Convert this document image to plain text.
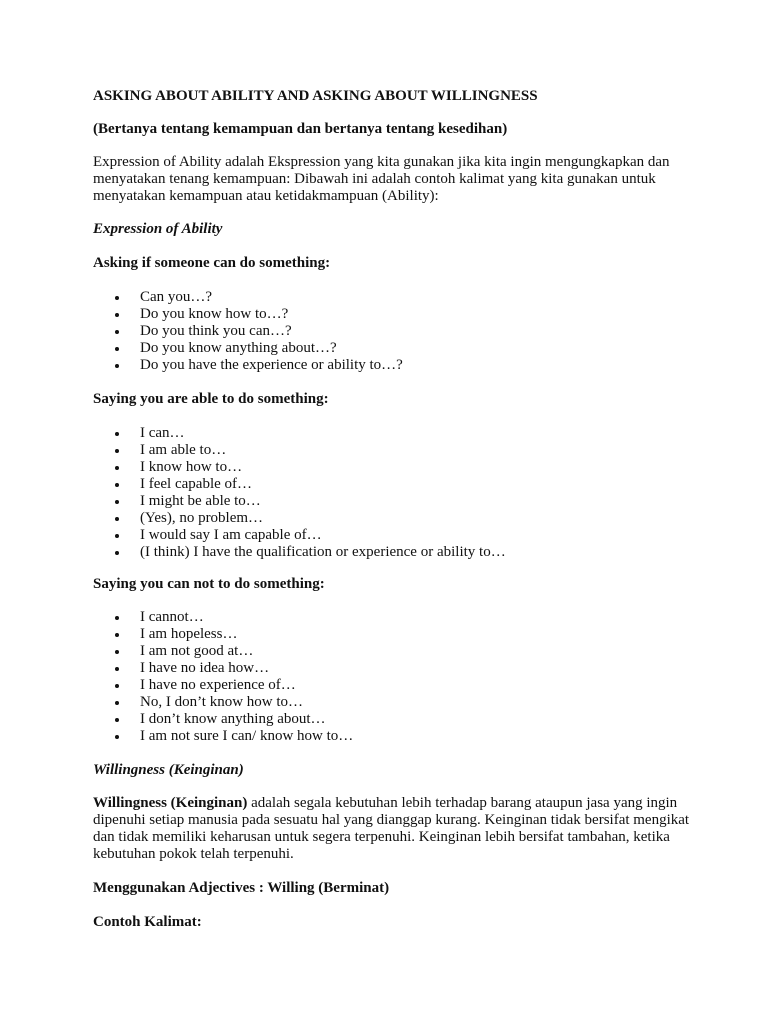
ASKING ABOUT ABILITY AND ASKING ABOUT WILLINGNESS

(Bertanya tentang kemampuan dan bertanya tentang kesedihan)

Expression of Ability adalah Ekspression yang kita gunakan jika kita ingin mengungkapkan dan menyatakan tenang kemampuan: Dibawah ini adalah contoh kalimat yang kita gunakan untuk menyatakan kemampuan atau ketidakmampuan (Ability):

Expression of Ability

Asking if someone can do something:

Can you…?
Do you know how to…?
Do you think you can…?
Do you know anything about…?
Do you have the experience or ability to…?

Saying you are able to do something:

I can…
I am able to…
I know how to…
I feel capable of…
I might be able to…
(Yes), no problem…
I would say I am capable of…
(I think) I have the qualification or experience or ability to…

Saying you can not to do something:

I cannot…
I am hopeless…
I am not good at…
I have no idea how…
I have no experience of…
No, I don’t know how to…
I don’t know anything about…
I am not sure I can/ know how to…

Willingness (Keinginan)

Willingness (Keinginan) adalah segala kebutuhan lebih terhadap barang ataupun jasa yang ingin dipenuhi setiap manusia pada sesuatu hal yang dianggap kurang. Keinginan tidak bersifat mengikat dan tidak memiliki keharusan untuk segera terpenuhi. Keinginan lebih bersifat tambahan, ketika kebutuhan pokok telah terpenuhi.

Menggunakan Adjectives : Willing (Berminat)

Contoh Kalimat:
